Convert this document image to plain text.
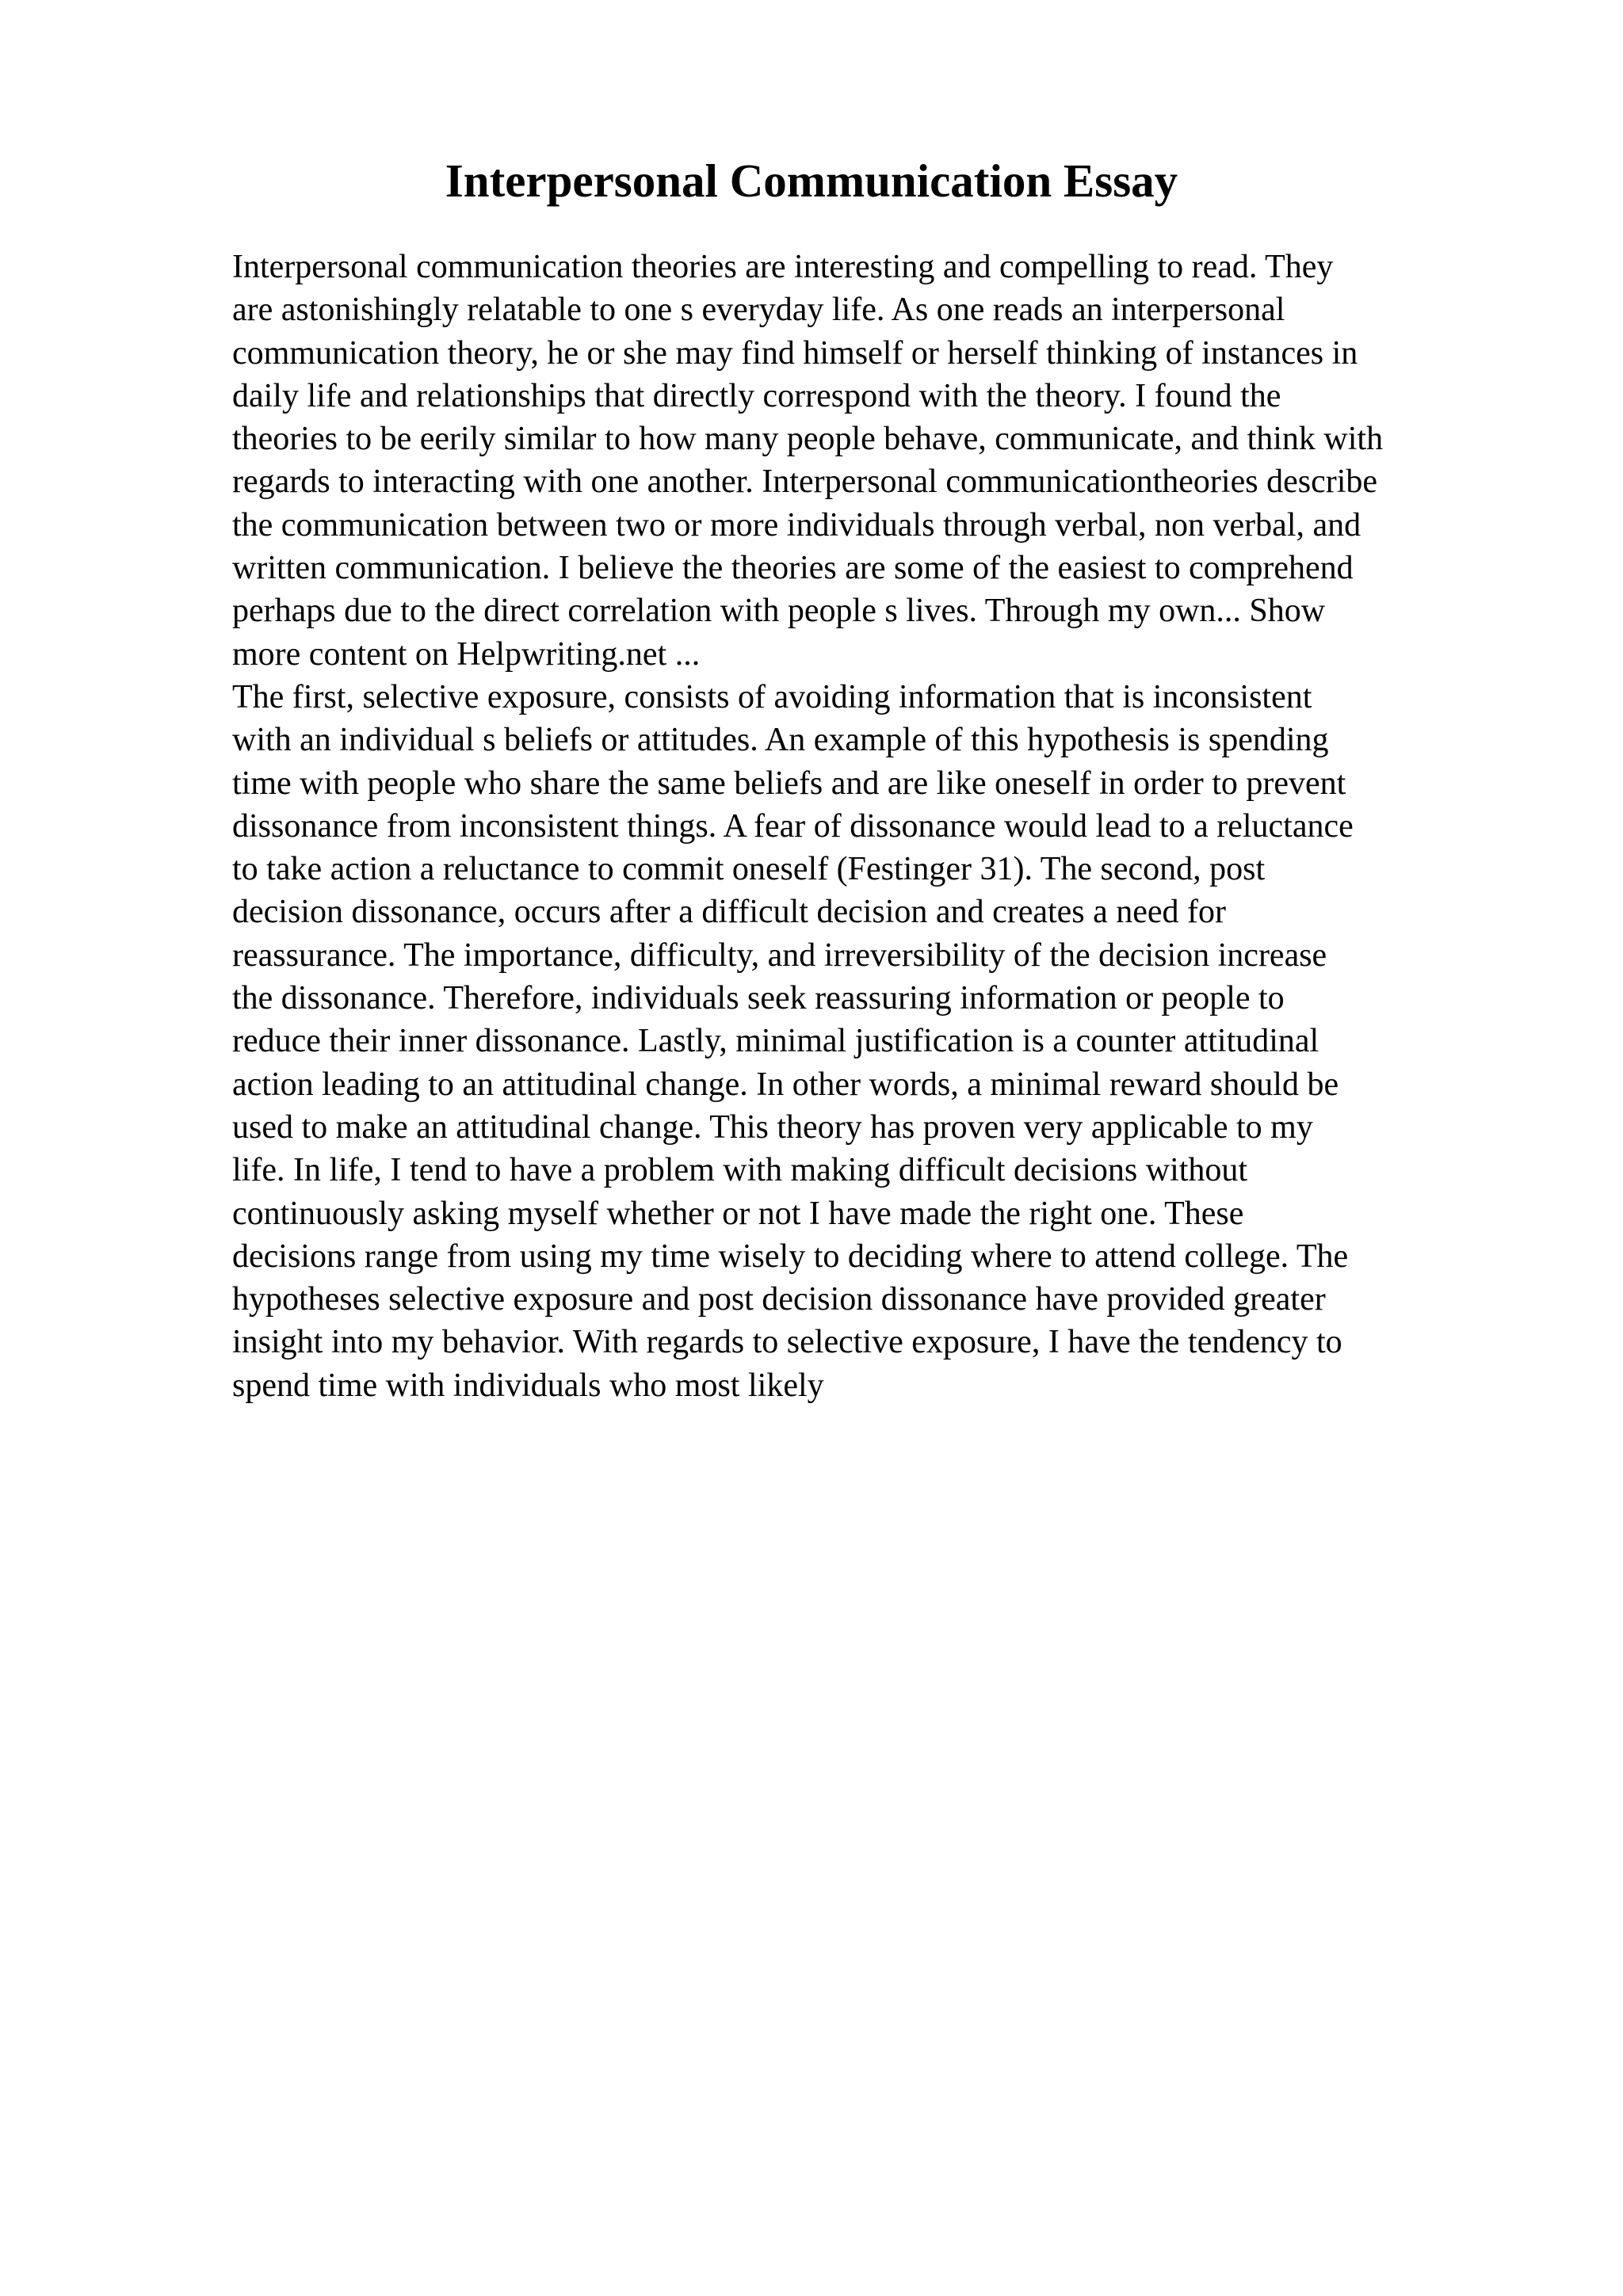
Interpersonal Communication Essay
Interpersonal communication theories are interesting and compelling to read. They
are astonishingly relatable to one s everyday life. As one reads an interpersonal
communication theory, he or she may find himself or herself thinking of instances in
daily life and relationships that directly correspond with the theory. I found the
theories to be eerily similar to how many people behave, communicate, and think with
regards to interacting with one another. Interpersonal communicationtheories describe
the communication between two or more individuals through verbal, non verbal, and
written communication. I believe the theories are some of the easiest to comprehend
perhaps due to the direct correlation with people s lives. Through my own... Show
more content on Helpwriting.net ...
The first, selective exposure, consists of avoiding information that is inconsistent
with an individual s beliefs or attitudes. An example of this hypothesis is spending
time with people who share the same beliefs and are like oneself in order to prevent
dissonance from inconsistent things. A fear of dissonance would lead to a reluctance
to take action a reluctance to commit oneself (Festinger 31). The second, post
decision dissonance, occurs after a difficult decision and creates a need for
reassurance. The importance, difficulty, and irreversibility of the decision increase
the dissonance. Therefore, individuals seek reassuring information or people to
reduce their inner dissonance. Lastly, minimal justification is a counter attitudinal
action leading to an attitudinal change. In other words, a minimal reward should be
used to make an attitudinal change. This theory has proven very applicable to my
life. In life, I tend to have a problem with making difficult decisions without
continuously asking myself whether or not I have made the right one. These
decisions range from using my time wisely to deciding where to attend college. The
hypotheses selective exposure and post decision dissonance have provided greater
insight into my behavior. With regards to selective exposure, I have the tendency to
spend time with individuals who most likely
